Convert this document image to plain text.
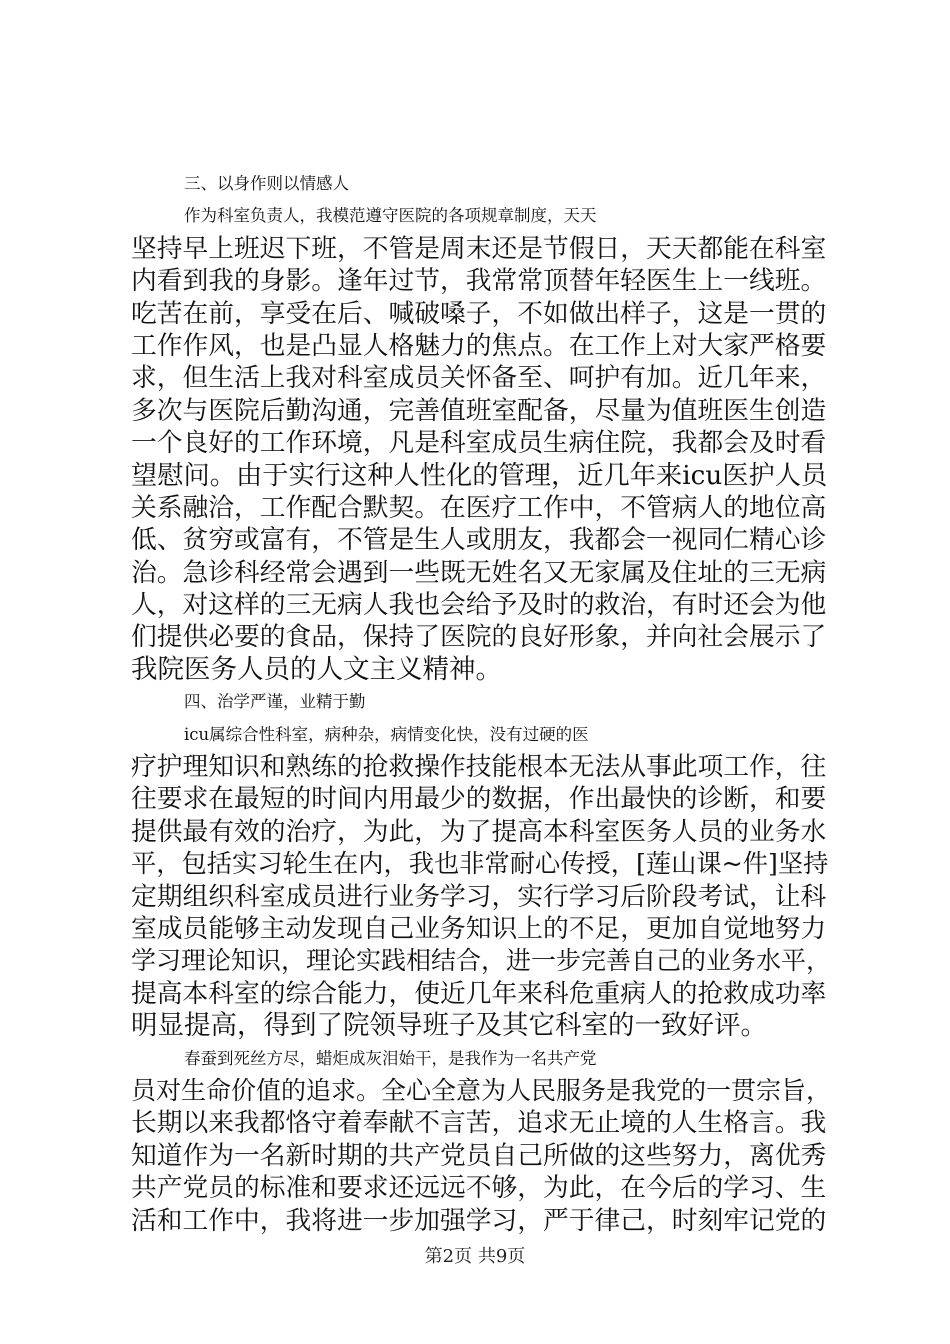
三、以身作则以情感人
作为科室负责人，我模范遵守医院的各项规章制度，天天
坚持早上班迟下班，不管是周末还是节假日，天天都能在科室
内看到我的身影。逢年过节，我常常顶替年轻医生上一线班。
吃苦在前，享受在后、喊破嗓子，不如做出样子，这是一贯的
工作作风，也是凸显人格魅力的焦点。在工作上对大家严格要
求，但生活上我对科室成员关怀备至、呵护有加。近几年来，
多次与医院后勤沟通，完善值班室配备，尽量为值班医生创造
一个良好的工作环境，凡是科室成员生病住院，我都会及时看
望慰问。由于实行这种人性化的管理，近几年来icu医护人员
关系融洽，工作配合默契。在医疗工作中，不管病人的地位高
低、贫穷或富有，不管是生人或朋友，我都会一视同仁精心诊
治。急诊科经常会遇到一些既无姓名又无家属及住址的三无病
人，对这样的三无病人我也会给予及时的救治，有时还会为他
们提供必要的食品，保持了医院的良好形象，并向社会展示了
我院医务人员的人文主义精神。
四、治学严谨，业精于勤
icu属综合性科室，病种杂，病情变化快，没有过硬的医
疗护理知识和熟练的抢救操作技能根本无法从事此项工作，往
往要求在最短的时间内用最少的数据，作出最快的诊断，和要
提供最有效的治疗，为此，为了提高本科室医务人员的业务水
平，包括实习轮生在内，我也非常耐心传授，[莲山课~件]坚持
定期组织科室成员进行业务学习，实行学习后阶段考试，让科
室成员能够主动发现自己业务知识上的不足，更加自觉地努力
学习理论知识，理论实践相结合，进一步完善自己的业务水平，
提高本科室的综合能力，使近几年来科危重病人的抢救成功率
明显提高，得到了院领导班子及其它科室的一致好评。
春蚕到死丝方尽，蜡炬成灰泪始干，是我作为一名共产党
员对生命价值的追求。全心全意为人民服务是我党的一贯宗旨，
长期以来我都恪守着奉献不言苦，追求无止境的人生格言。我
知道作为一名新时期的共产党员自己所做的这些努力，离优秀
共产党员的标准和要求还远远不够，为此，在今后的学习、生
活和工作中，我将进一步加强学习，严于律己，时刻牢记党的
第2页 共9页
